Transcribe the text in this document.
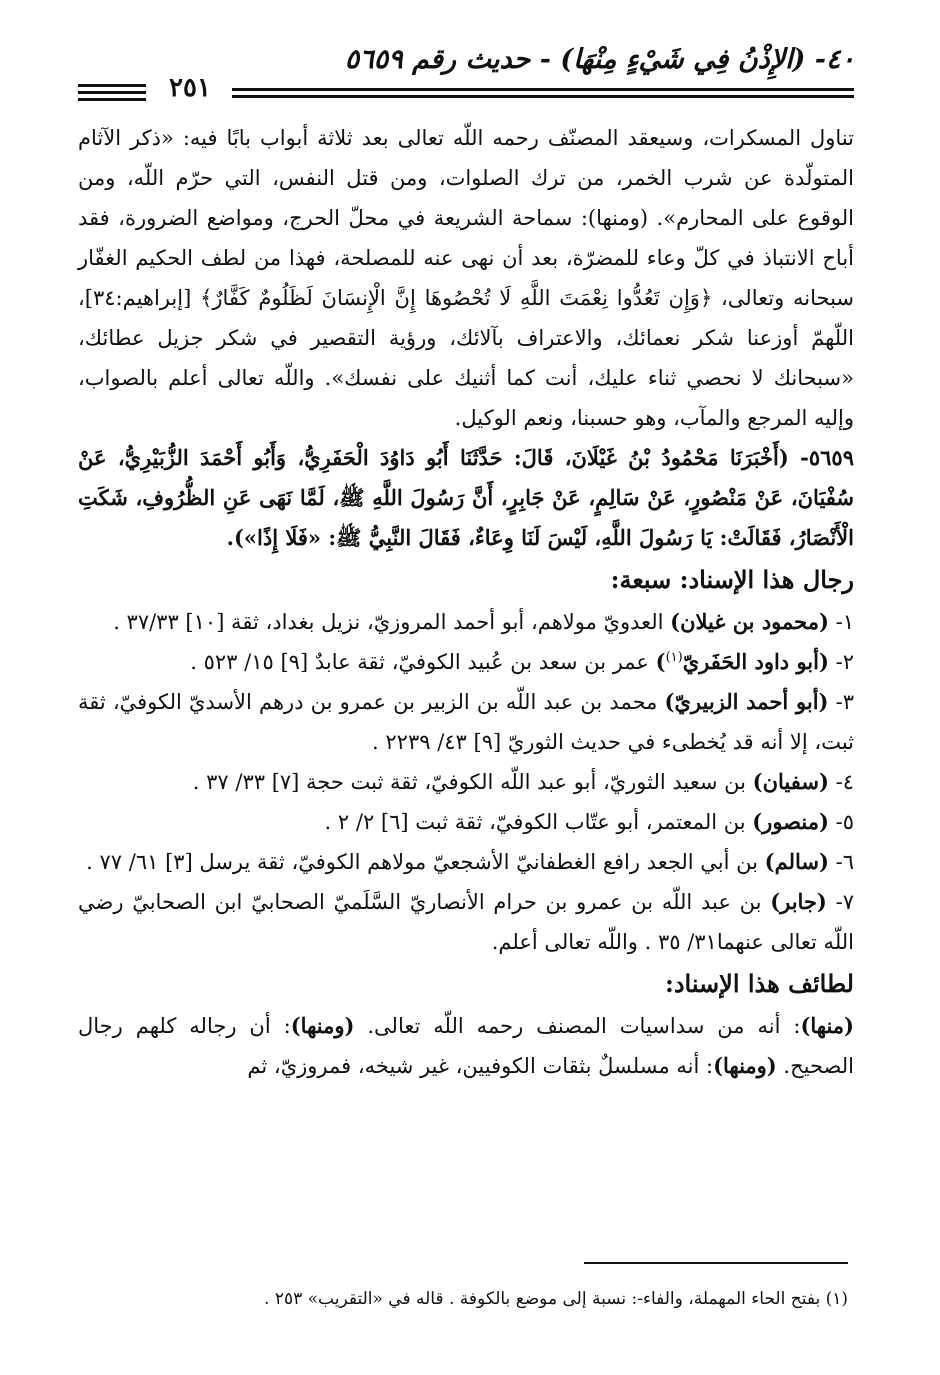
٤٠- (الإِذْنُ فِي شَيْءٍ مِنْهَا) - حديث رقم ٥٦٥٩
٢٥١

تناول المسكرات، وسيعقد المصنّف رحمه اللّه تعالى بعد ثلاثة أبواب بابًا فيه: «ذكر الآثام المتولّدة عن شرب الخمر، من ترك الصلوات، ومن قتل النفس، التي حرّم اللّه، ومن الوقوع على المحارم». (ومنها): سماحة الشريعة في محلّ الحرج، ومواضع الضرورة، فقد أباح الانتباذ في كلّ وعاء للمضرّة، بعد أن نهى عنه للمصلحة، فهذا من لطف الحكيم الغفّار سبحانه وتعالى، ﴿وَإِن تَعُدُّوا نِعْمَتَ اللَّهِ لَا تُحْصُوهَا إِنَّ الْإِنسَانَ لَظَلُومٌ كَفَّارٌ﴾ [إبراهيم:٣٤]، اللّهمّ أوزعنا شكر نعمائك، والاعتراف بآلائك، ورؤية التقصير في شكر جزيل عطائك، «سبحانك لا نحصي ثناء عليك، أنت كما أثنيك على نفسك». واللّه تعالى أعلم بالصواب، وإليه المرجع والمآب، وهو حسبنا، ونعم الوكيل.

٥٦٥٩- (أَخْبَرَنَا مَحْمُودُ بْنُ غَيْلَانَ، قَالَ: حَدَّثَنَا أَبُو دَاوُدَ الْحَفَرِيُّ، وَأَبُو أَحْمَدَ الزُّبَيْرِيُّ، عَنْ سُفْيَانَ، عَنْ مَنْصُورٍ، عَنْ سَالِمٍ، عَنْ جَابِرٍ، أَنَّ رَسُولَ اللَّهِ ﷺ، لَمَّا نَهَى عَنِ الظُّرُوفِ، شَكَتِ الْأَنْصَارُ، فَقَالَتْ: يَا رَسُولَ اللَّهِ، لَيْسَ لَنَا وِعَاءٌ، فَقَالَ النَّبِيُّ ﷺ: «فَلَا إِذًا»).

رجال هذا الإسناد: سبعة:

١- (محمود بن غيلان) العدويّ مولاهم، أبو أحمد المروزيّ، نزيل بغداد، ثقة [١٠] ٣٧/٣٣ .

٢- (أبو داود الحَفَريّ$^{(١)}$) عمر بن سعد بن عُبيد الكوفيّ، ثقة عابدٌ [٩] ١٥/ ٥٢٣ .

٣- (أبو أحمد الزبيريّ) محمد بن عبد اللّه بن الزبير بن عمرو بن درهم الأسديّ الكوفيّ، ثقة ثبت، إلا أنه قد يُخطىء في حديث الثوريّ [٩] ٤٣/ ٢٢٣٩ .

٤- (سفيان) بن سعيد الثوريّ، أبو عبد اللّه الكوفيّ، ثقة ثبت حجة [٧] ٣٣/ ٣٧ .

٥- (منصور) بن المعتمر، أبو عتّاب الكوفيّ، ثقة ثبت [٦] ٢/ ٢ .

٦- (سالم) بن أبي الجعد رافع الغطفانيّ الأشجعيّ مولاهم الكوفيّ، ثقة يرسل [٣] ٦١/ ٧٧ .

٧- (جابر) بن عبد اللّه بن عمرو بن حرام الأنصاريّ السَّلَميّ الصحابيّ ابن الصحابيّ رضي اللّه تعالى عنهما٣١/ ٣٥ . واللّه تعالى أعلم.

لطائف هذا الإسناد:

(منها): أنه من سداسيات المصنف رحمه اللّه تعالى. (ومنها): أن رجاله كلهم رجال الصحيح. (ومنها): أنه مسلسلٌ بثقات الكوفيين، غير شيخه، فمروزيّ، ثم

(١) بفتح الحاء المهملة، والفاء-: نسبة إلى موضع بالكوفة . قاله في «التقريب» ٢٥٣ .
